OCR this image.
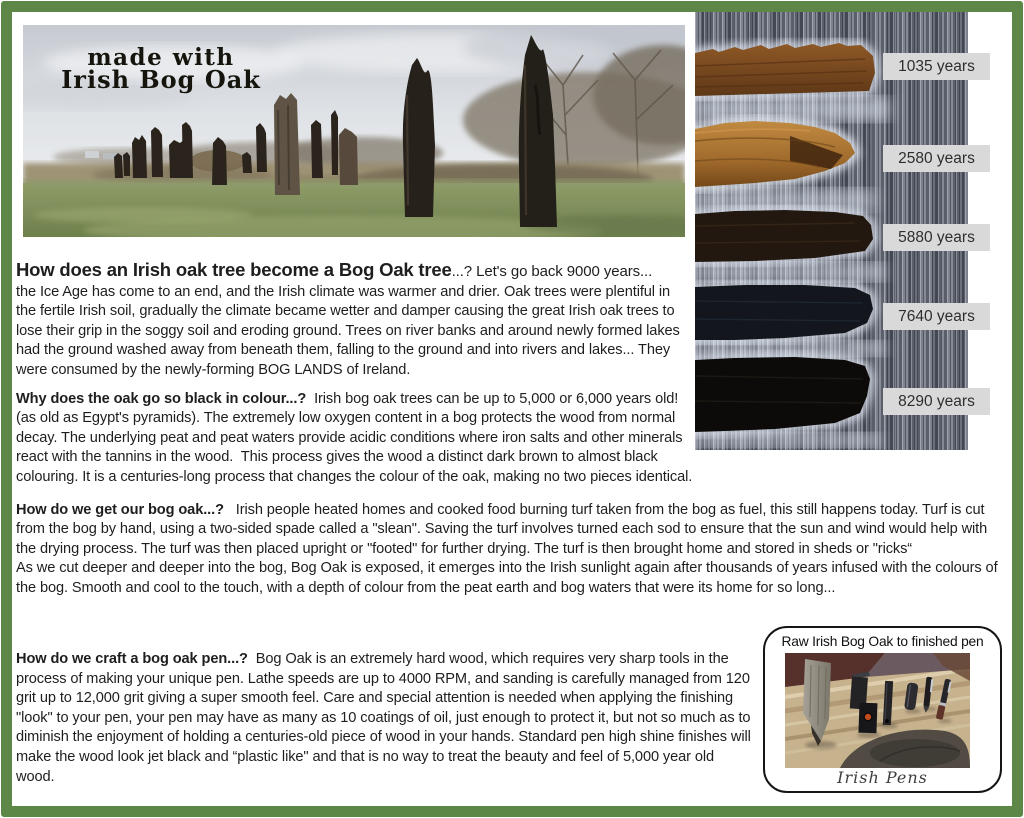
made with
Irish Bog Oak	1035 years
2580 years
5880 years
7640 years
8290 years

How does an Irish oak tree become a Bog Oak tree...? Let's go back 9000 years...
the Ice Age has come to an end, and the Irish climate was warmer and drier. Oak trees were plentiful in the fertile Irish soil, gradually the climate became wetter and damper causing the great Irish oak trees to lose their grip in the soggy soil and eroding ground. Trees on river banks and around newly formed lakes had the ground washed away from beneath them, falling to the ground and into rivers and lakes... They were consumed by the newly-forming BOG LANDS of Ireland.

Why does the oak go so black in colour...?  Irish bog oak trees can be up to 5,000 or 6,000 years old! (as old as Egypt's pyramids). The extremely low oxygen content in a bog protects the wood from normal decay. The underlying peat and peat waters provide acidic conditions where iron salts and other minerals react with the tannins in the wood.  This process gives the wood a distinct dark brown to almost black colouring. It is a centuries-long process that changes the colour of the oak, making no two pieces identical.

How do we get our bog oak...?   Irish people heated homes and cooked food burning turf taken from the bog as fuel, this still happens today. Turf is cut from the bog by hand, using a two-sided spade called a "slean". Saving the turf involves turned each sod to ensure that the sun and wind would help with the drying process. The turf was then placed upright or "footed" for further drying. The turf is then brought home and stored in sheds or "ricks“
As we cut deeper and deeper into the bog, Bog Oak is exposed, it emerges into the Irish sunlight again after thousands of years infused with the colours of the bog. Smooth and cool to the touch, with a depth of colour from the peat earth and bog waters that were its home for so long...

How do we craft a bog oak pen...?  Bog Oak is an extremely hard wood, which requires very sharp tools in the process of making your unique pen. Lathe speeds are up to 4000 RPM, and sanding is carefully managed from 120 grit up to 12,000 grit giving a super smooth feel. Care and special attention is needed when applying the finishing "look" to your pen, your pen may have as many as 10 coatings of oil, just enough to protect it, but not so much as to diminish the enjoyment of holding a centuries-old piece of wood in your hands. Standard pen high shine finishes will make the wood look jet black and “plastic like" and that is no way to treat the beauty and feel of 5,000 year old wood.

Raw Irish Bog Oak to finished pen
Irish Pens
